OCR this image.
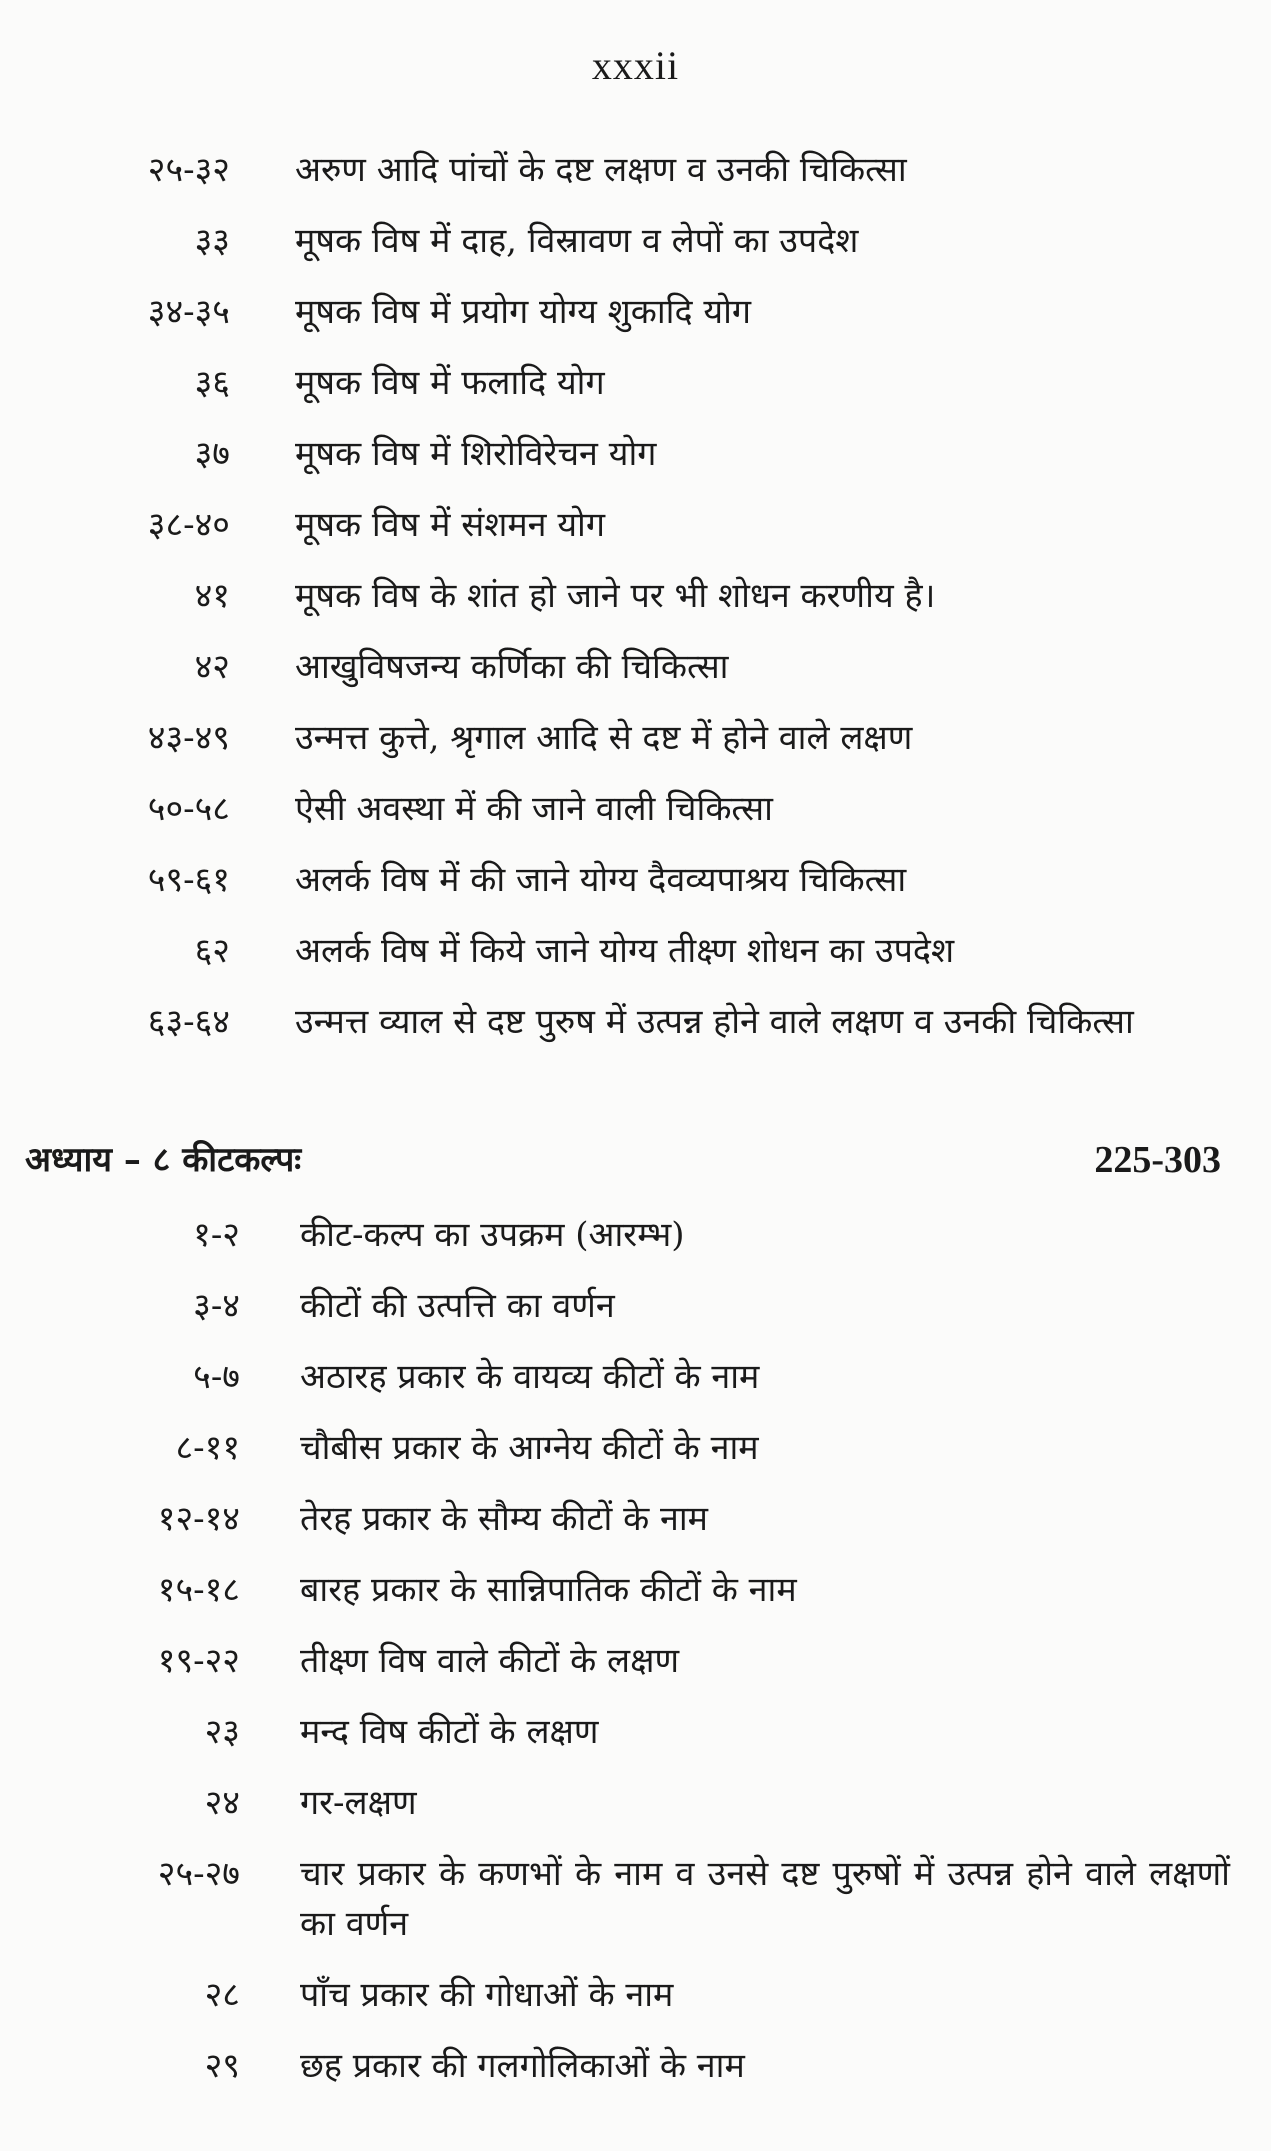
xxxii
२५-३२	अरुण आदि पांचों के दष्ट लक्षण व उनकी चिकित्सा
३३	मूषक विष में दाह, विस्रावण व लेपों का उपदेश
३४-३५	मूषक विष में प्रयोग योग्य शुकादि योग
३६	मूषक विष में फलादि योग
३७	मूषक विष में शिरोविरेचन योग
३८-४०	मूषक विष में संशमन योग
४१	मूषक विष के शांत हो जाने पर भी शोधन करणीय है।
४२	आखुविषजन्य कर्णिका की चिकित्सा
४३-४९	उन्मत्त कुत्ते, श्रृगाल आदि से दष्ट में होने वाले लक्षण
५०-५८	ऐसी अवस्था में की जाने वाली चिकित्सा
५९-६१	अलर्क विष में की जाने योग्य दैवव्यपाश्रय चिकित्सा
६२	अलर्क विष में किये जाने योग्य तीक्ष्ण शोधन का उपदेश
६३-६४	उन्मत्त व्याल से दष्ट पुरुष में उत्पन्न होने वाले लक्षण व उनकी चिकित्सा
अध्याय – ८ कीटकल्पः	225-303
१-२	कीट-कल्प का उपक्रम (आरम्भ)
३-४	कीटों की उत्पत्ति का वर्णन
५-७	अठारह प्रकार के वायव्य कीटों के नाम
८-११	चौबीस प्रकार के आग्नेय कीटों के नाम
१२-१४	तेरह प्रकार के सौम्य कीटों के नाम
१५-१८	बारह प्रकार के सान्निपातिक कीटों के नाम
१९-२२	तीक्ष्ण विष वाले कीटों के लक्षण
२३	मन्द विष कीटों के लक्षण
२४	गर-लक्षण
२५-२७	चार प्रकार के कणभों के नाम व उनसे दष्ट पुरुषों में उत्पन्न होने वाले लक्षणों का वर्णन
२८	पाँच प्रकार की गोधाओं के नाम
२९	छह प्रकार की गलगोलिकाओं के नाम
